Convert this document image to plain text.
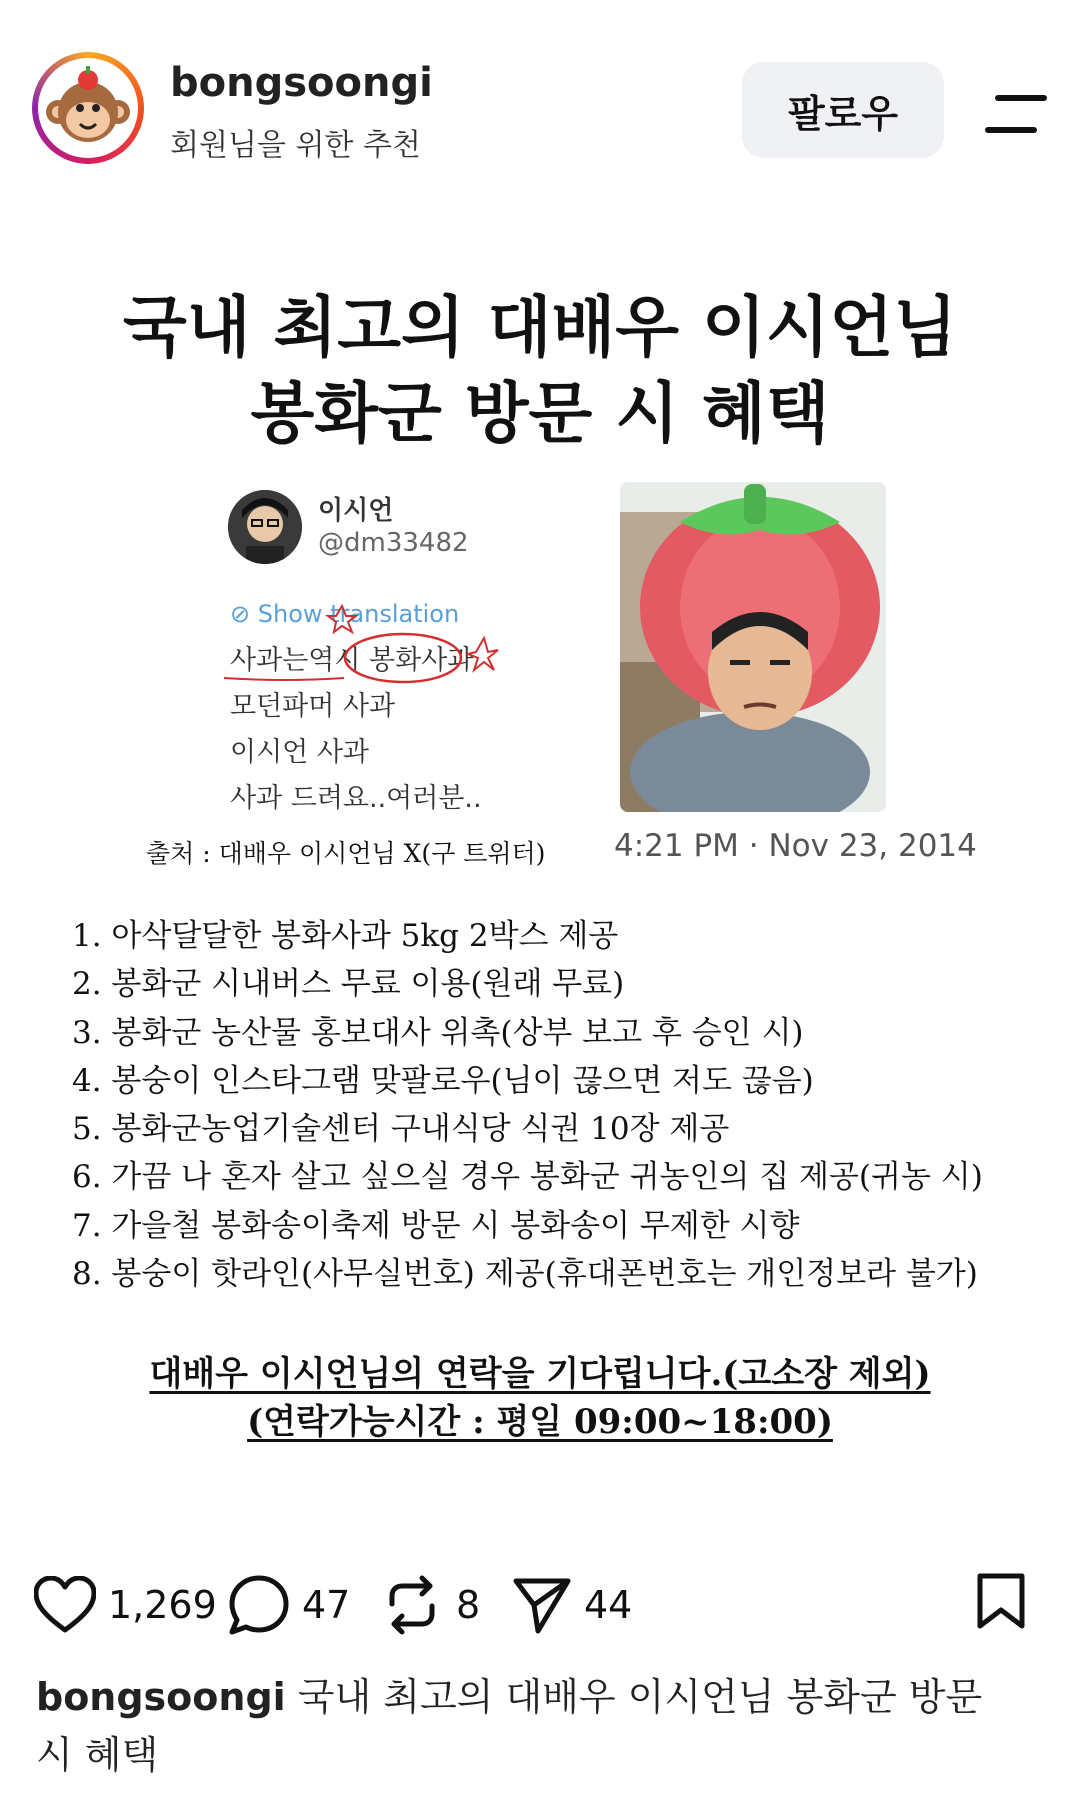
bongsoongi
회원님을 위한 추천
팔로우
국내 최고의 대배우 이시언님
봉화군 방문 시 혜택
이시언
@dm33482
⊘ Show translation
사과는역시 봉화사과
모던파머 사과
이시언 사과
사과 드려요..여러분..
출처 : 대배우 이시언님 X(구 트위터) 4:21 PM · Nov 23, 2014
1. 아삭달달한 봉화사과 5kg 2박스 제공
2. 봉화군 시내버스 무료 이용(원래 무료)
3. 봉화군 농산물 홍보대사 위촉(상부 보고 후 승인 시)
4. 봉숭이 인스타그램 맞팔로우(님이 끊으면 저도 끊음)
5. 봉화군농업기술센터 구내식당 식권 10장 제공
6. 가끔 나 혼자 살고 싶으실 경우 봉화군 귀농인의 집 제공(귀농 시)
7. 가을철 봉화송이축제 방문 시 봉화송이 무제한 시향
8. 봉숭이 핫라인(사무실번호) 제공(휴대폰번호는 개인정보라 불가)
대배우 이시언님의 연락을 기다립니다.(고소장 제외)
(연락가능시간 : 평일 09:00~18:00)
1,269 47	8	44
bongsoongi 국내 최고의 대배우 이시언님 봉화군 방문 시 혜택
